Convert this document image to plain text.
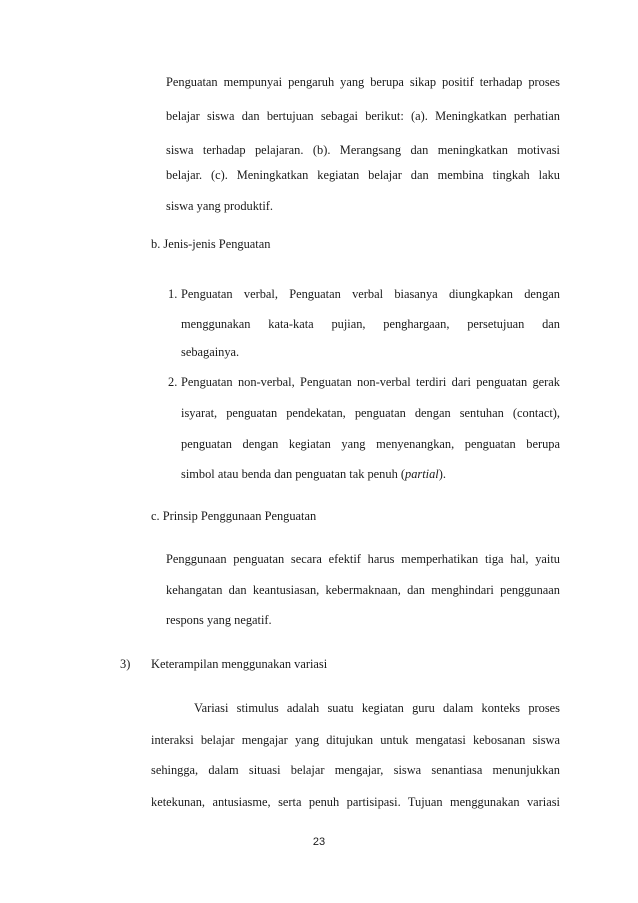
Penguatan mempunyai pengaruh yang berupa sikap positif terhadap proses
belajar siswa dan bertujuan sebagai berikut: (a). Meningkatkan perhatian
siswa terhadap pelajaran. (b). Merangsang dan meningkatkan motivasi
belajar. (c). Meningkatkan kegiatan belajar dan membina tingkah laku
siswa yang produktif.
b. Jenis-jenis Penguatan
1. Penguatan verbal, Penguatan verbal biasanya diungkapkan dengan
menggunakan kata-kata pujian, penghargaan, persetujuan dan
sebagainya.
2. Penguatan non-verbal, Penguatan non-verbal terdiri dari penguatan gerak
isyarat, penguatan pendekatan, penguatan dengan sentuhan (contact),
penguatan dengan kegiatan yang menyenangkan, penguatan berupa
simbol atau benda dan penguatan tak penuh (partial).
c. Prinsip Penggunaan Penguatan
Penggunaan penguatan secara efektif harus memperhatikan tiga hal, yaitu
kehangatan dan keantusiasan, kebermaknaan, dan menghindari penggunaan
respons yang negatif.
3) Keterampilan menggunakan variasi
Variasi stimulus adalah suatu kegiatan guru dalam konteks proses
interaksi belajar mengajar yang ditujukan untuk mengatasi kebosanan siswa
sehingga, dalam situasi belajar mengajar, siswa senantiasa menunjukkan
ketekunan, antusiasme, serta penuh partisipasi. Tujuan menggunakan variasi
23
